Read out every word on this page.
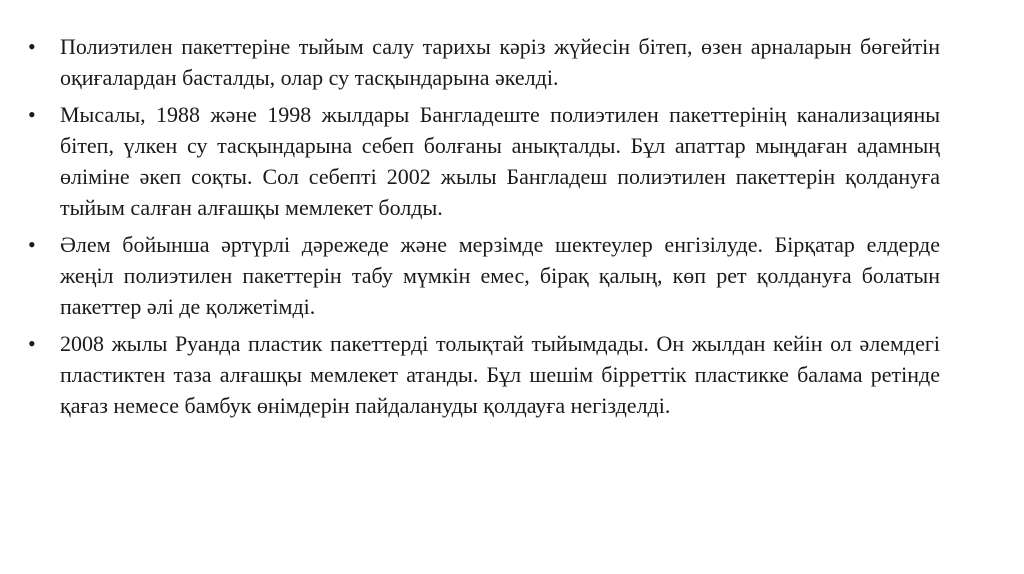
•	Полиэтилен пакеттеріне тыйым салу тарихы кәріз жүйесін бітеп, өзен арналарын бөгейтін оқиғалардан басталды, олар су тасқындарына әкелді.

•	Мысалы, 1988 және 1998 жылдары Бангладеште полиэтилен пакеттерінің канализацияны бітеп, үлкен су тасқындарына себеп болғаны анықталды. Бұл апаттар мыңдаған адамның өліміне әкеп соқты. Сол себепті 2002 жылы Бангладеш полиэтилен пакеттерін қолдануға тыйым салған алғашқы мемлекет болды.

•	Әлем бойынша әртүрлі дәрежеде және мерзімде шектеулер енгізілуде. Бірқатар елдерде жеңіл полиэтилен пакеттерін табу мүмкін емес, бірақ қалың, көп рет қолдануға болатын пакеттер әлі де қолжетімді.

•	2008 жылы Руанда пластик пакеттерді толықтай тыйымдады. Он жылдан кейін ол әлемдегі пластиктен таза алғашқы мемлекет атанды. Бұл шешім бірреттік пластикке балама ретінде қағаз немесе бамбук өнімдерін пайдалануды қолдауға негізделді.
